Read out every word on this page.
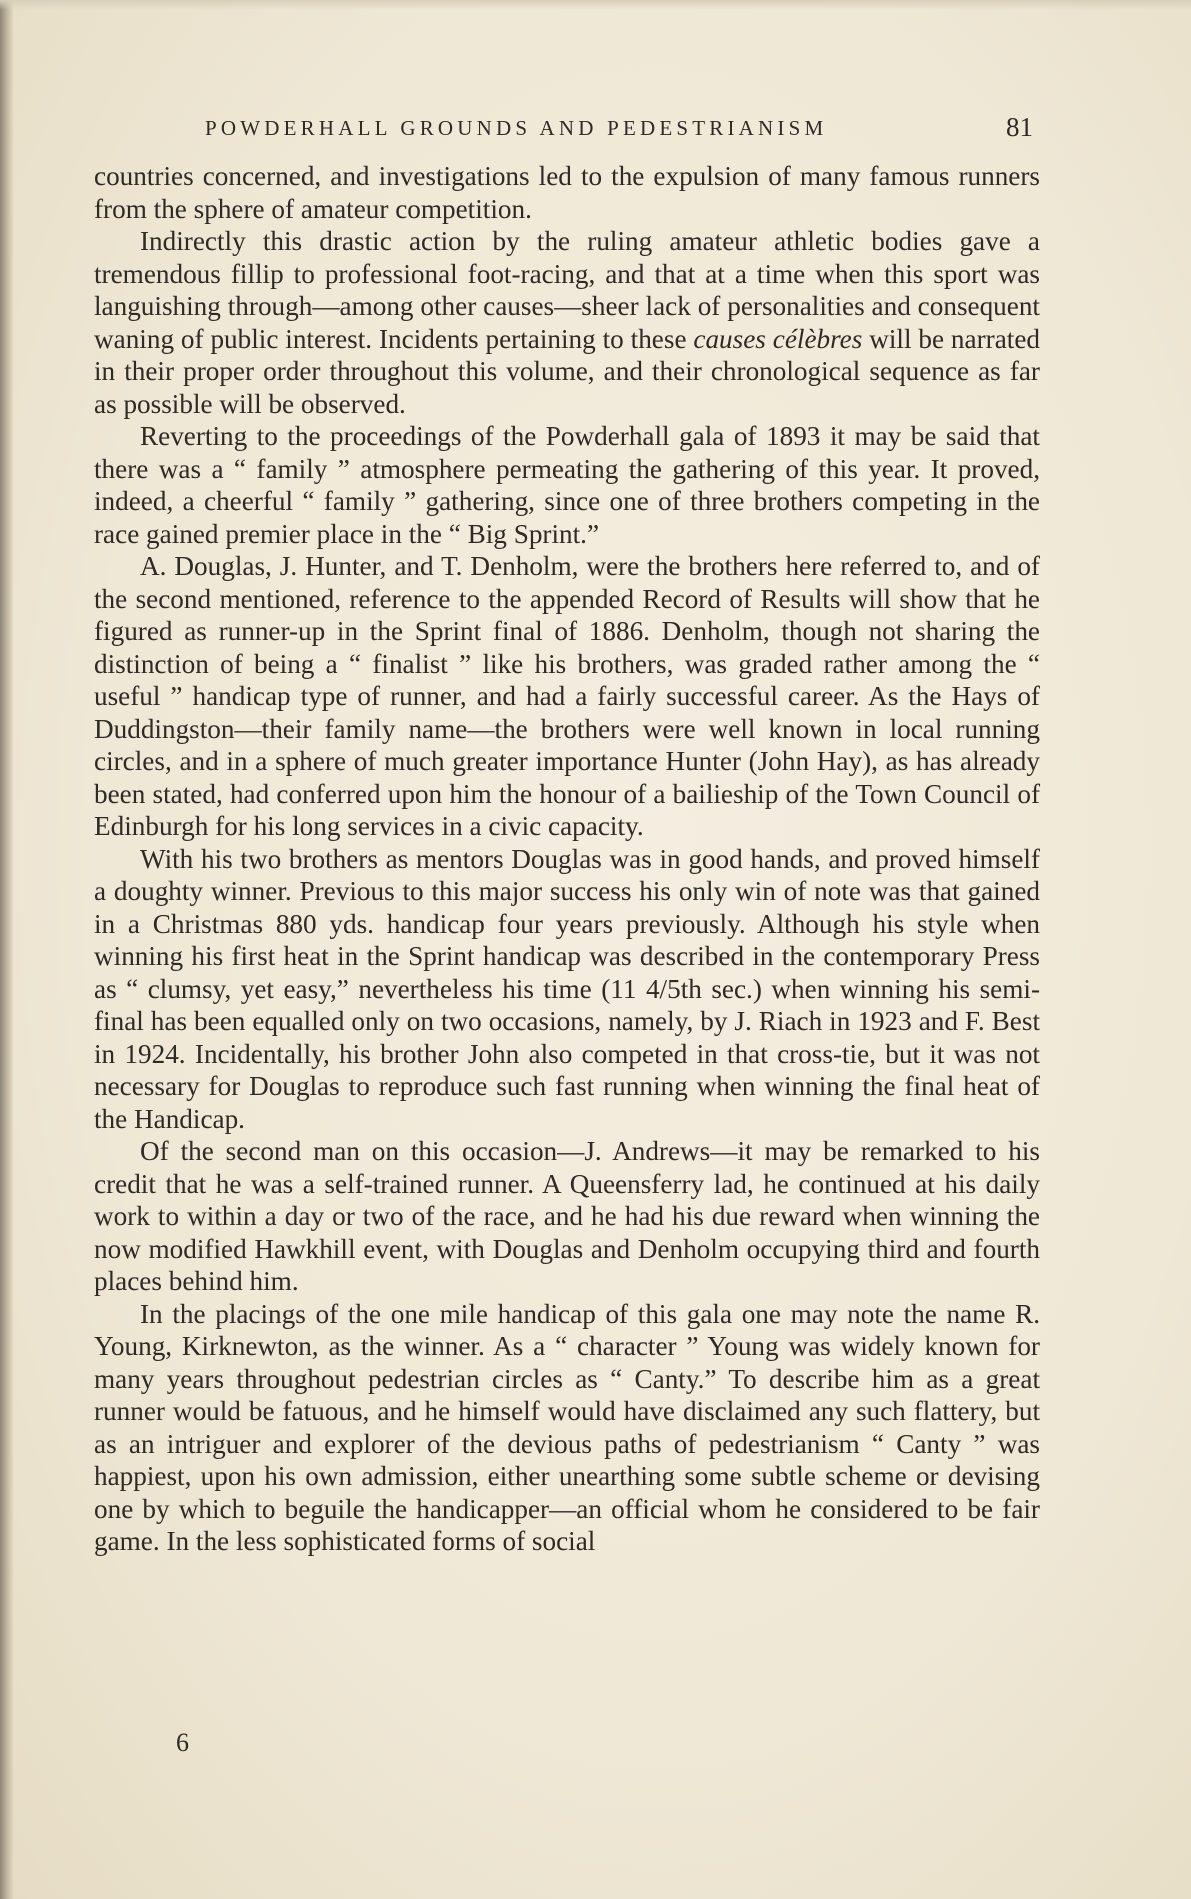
POWDERHALL GROUNDS AND PEDESTRIANISM	81

countries concerned, and investigations led to the expulsion of many famous runners from the sphere of amateur competition.

Indirectly this drastic action by the ruling amateur athletic bodies gave a tremendous fillip to professional foot-racing, and that at a time when this sport was languishing through—among other causes—sheer lack of personalities and consequent waning of public interest. Incidents pertaining to these causes célèbres will be narrated in their proper order throughout this volume, and their chronological sequence as far as possible will be observed.

Reverting to the proceedings of the Powderhall gala of 1893 it may be said that there was a “ family ” atmosphere permeating the gathering of this year. It proved, indeed, a cheerful “ family ” gathering, since one of three brothers competing in the race gained premier place in the “ Big Sprint.”

A. Douglas, J. Hunter, and T. Denholm, were the brothers here referred to, and of the second mentioned, reference to the appended Record of Results will show that he figured as runner-up in the Sprint final of 1886. Denholm, though not sharing the distinction of being a “ finalist ” like his brothers, was graded rather among the “ useful ” handicap type of runner, and had a fairly successful career. As the Hays of Duddingston—their family name—the brothers were well known in local running circles, and in a sphere of much greater importance Hunter (John Hay), as has already been stated, had conferred upon him the honour of a bailieship of the Town Council of Edinburgh for his long services in a civic capacity.

With his two brothers as mentors Douglas was in good hands, and proved himself a doughty winner. Previous to this major success his only win of note was that gained in a Christmas 880 yds. handicap four years previously. Although his style when winning his first heat in the Sprint handicap was described in the contemporary Press as “ clumsy, yet easy,” nevertheless his time (11 4/5th sec.) when winning his semi-final has been equalled only on two occasions, namely, by J. Riach in 1923 and F. Best in 1924. Incidentally, his brother John also competed in that cross-tie, but it was not necessary for Douglas to reproduce such fast running when winning the final heat of the Handicap.

Of the second man on this occasion—J. Andrews—it may be remarked to his credit that he was a self-trained runner. A Queensferry lad, he continued at his daily work to within a day or two of the race, and he had his due reward when winning the now modified Hawkhill event, with Douglas and Denholm occupying third and fourth places behind him.

In the placings of the one mile handicap of this gala one may note the name R. Young, Kirknewton, as the winner. As a “ character ” Young was widely known for many years throughout pedestrian circles as “ Canty.” To describe him as a great runner would be fatuous, and he himself would have disclaimed any such flattery, but as an intriguer and explorer of the devious paths of pedestrianism “ Canty ” was happiest, upon his own admission, either unearthing some subtle scheme or devising one by which to beguile the handicapper—an official whom he considered to be fair game. In the less sophisticated forms of social

6
